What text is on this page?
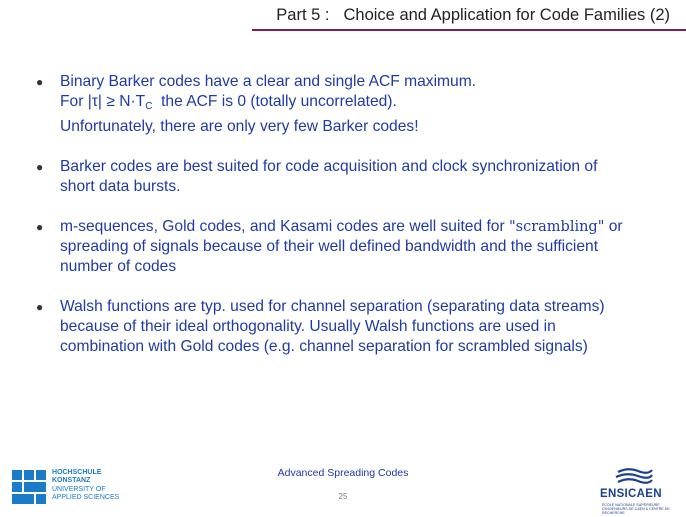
Part 5 : Choice and Application for Code Families (2)
● Binary Barker codes have a clear and single ACF maximum.
For $|\tau| \ge N\cdot T_C$  the ACF is 0 (totally uncorrelated).
Unfortunately, there are only very few Barker codes!
● Barker codes are best suited for code acquisition and clock synchronization of
short data bursts.
● m-sequences, Gold codes, and Kasami codes are well suited for "scrambling" or
spreading of signals because of their well defined bandwidth and the sufficient
number of codes
● Walsh functions are typ. used for channel separation (separating data streams)
because of their ideal orthogonality. Usually Walsh functions are used in
combination with Gold codes (e.g. channel separation for scrambled signals)
Advanced Spreading Codes
25
HOCHSCHULE
KONSTANZ
UNIVERSITY OF
APPLIED SCIENCES	ENSICAEN
ÉCOLE NATIONALE SUPÉRIEURE D'INGÉNIEURS DE CAEN & CENTRE DE RECHERCHE
